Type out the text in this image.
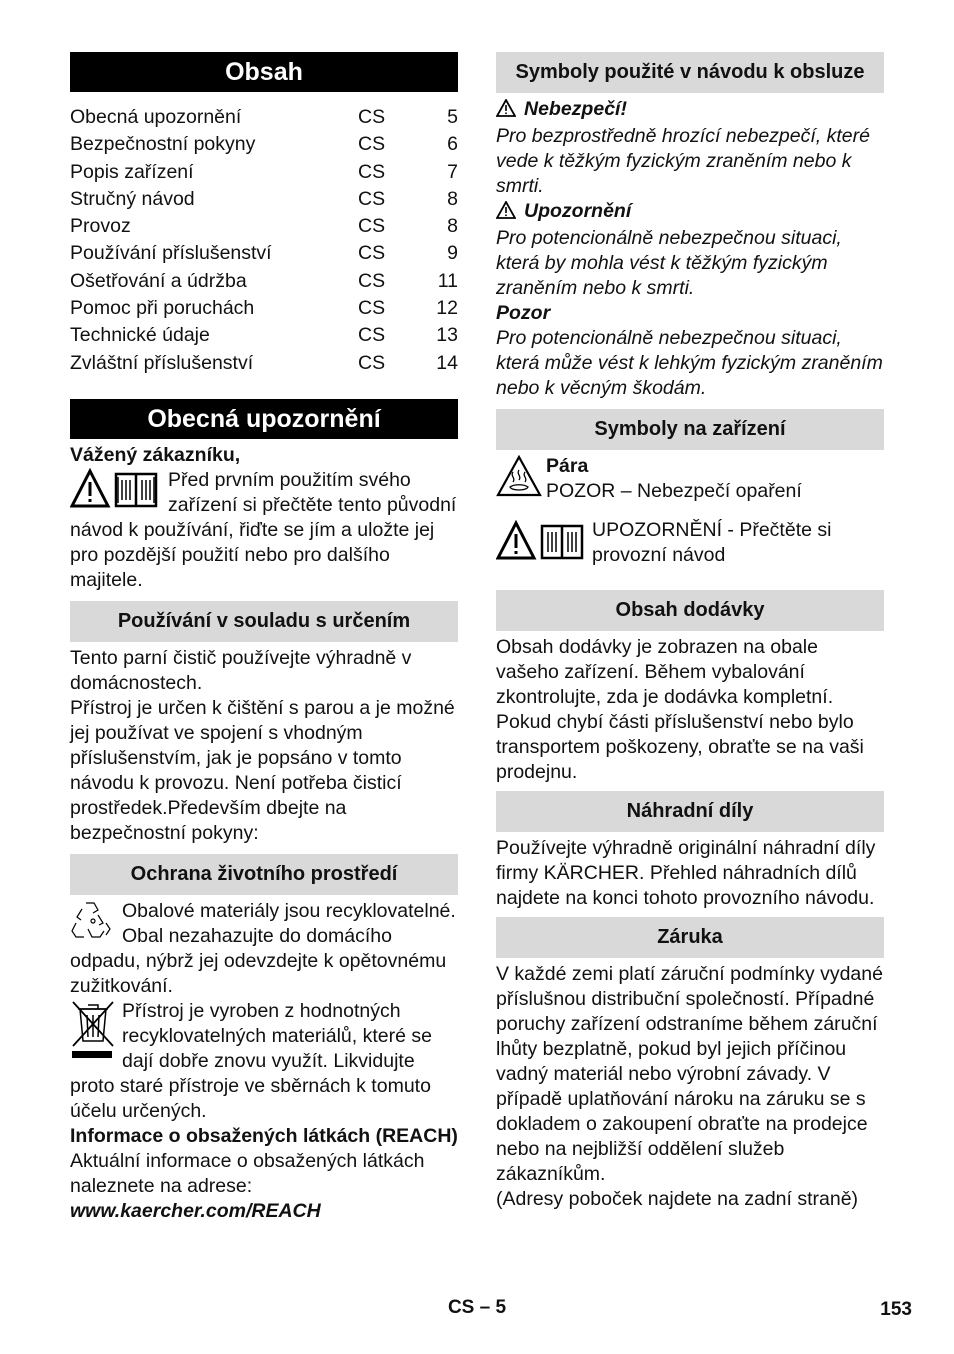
Obsah
Obecná upozornění	CS	5
Bezpečnostní pokyny	CS	6
Popis zařízení	CS	7
Stručný návod	CS	8
Provoz	CS	8
Používání příslušenství	CS	9
Ošetřování a údržba	CS	11
Pomoc při poruchách	CS	12
Technické údaje	CS	13
Zvláštní příslušenství	CS	14
Obecná upozornění

Vážený zákazníku,

Před prvním použitím svého zařízení si přečtěte tento původní návod k používání, řiďte se jím a uložte jej pro pozdější použití nebo pro dalšího majitele.

Používání v souladu s určením

Tento parní čistič používejte výhradně v domácnostech.

Přístroj je určen k čištění s parou a je možné jej používat ve spojení s vhodným příslušenstvím, jak je popsáno v tomto návodu k provozu. Není potřeba čisticí prostředek.Především dbejte na bezpečnostní pokyny:

Ochrana životního prostředí

Obalové materiály jsou recyklovatelné. Obal nezahazujte do domácího odpadu, nýbrž jej odevzdejte k opětovnému zužitkování.

Přístroj je vyroben z hodnotných recyklovatelných materiálů, které se dají dobře znovu využít. Likvidujte proto staré přístroje ve sběrnách k tomuto účelu určených.

Informace o obsažených látkách (REACH)

Aktuální informace o obsažených látkách naleznete na adrese:

www.kaercher.com/REACH

Symboly použité v návodu k obsluze

Nebezpečí!

Pro bezprostředně hrozící nebezpečí, které vede k těžkým fyzickým zraněním nebo k smrti.

Upozornění

Pro potencionálně nebezpečnou situaci, která by mohla vést k těžkým fyzickým zraněním nebo k smrti.

Pozor

Pro potencionálně nebezpečnou situaci, která může vést k lehkým fyzickým zraněním nebo k věcným škodám.

Symboly na zařízení

Pára

POZOR – Nebezpečí opaření

UPOZORNĚNÍ - Přečtěte si provozní návod

Obsah dodávky

Obsah dodávky je zobrazen na obale vašeho zařízení. Během vybalování zkontrolujte, zda je dodávka kompletní.

Pokud chybí části příslušenství nebo bylo transportem poškozeny, obraťte se na vaši prodejnu.

Náhradní díly

Používejte výhradně originální náhradní díly firmy KÄRCHER. Přehled náhradních dílů najdete na konci tohoto provozního návodu.

Záruka

V každé zemi platí záruční podmínky vydané příslušnou distribuční společností. Případné poruchy zařízení odstraníme během záruční lhůty bezplatně, pokud byl jejich příčinou vadný materiál nebo výrobní závady. V případě uplatňování nároku na záruku se s dokladem o zakoupení obraťte na prodejce nebo na nejbližší oddělení služeb zákazníkům.

(Adresy poboček najdete na zadní straně)

CS – 5	153
